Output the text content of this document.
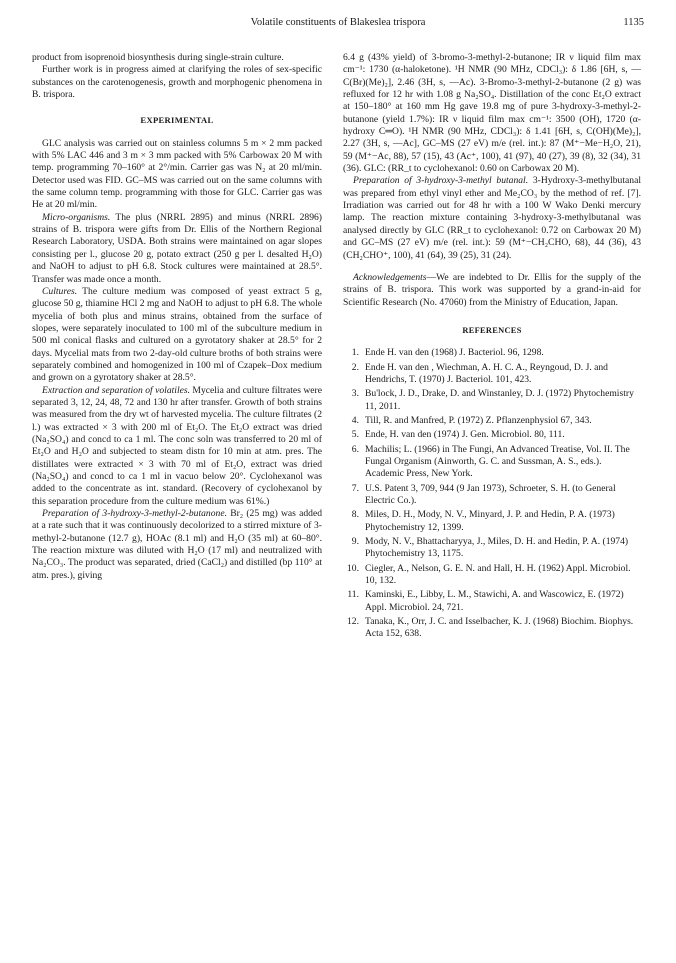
Volatile constituents of Blakeslea trispora	1135

product from isoprenoid biosynthesis during single-strain culture.

Further work is in progress aimed at clarifying the roles of sex-specific substances on the carotenogenesis, growth and morphogenic phenomena in B. trispora.

EXPERIMENTAL

GLC analysis was carried out on stainless columns 5 m × 2 mm packed with 5% LAC 446 and 3 m × 3 mm packed with 5% Carbowax 20 M with temp. programming 70–160° at 2°/min. Carrier gas was N₂ at 20 ml/min. Detector used was FID. GC–MS was carried out on the same columns with the same column temp. programming with those for GLC. Carrier gas was He at 20 ml/min.

Micro-organisms. The plus (NRRL 2895) and minus (NRRL 2896) strains of B. trispora were gifts from Dr. Ellis of the Northern Regional Research Laboratory, USDA. Both strains were maintained on agar slopes consisting per l., glucose 20 g, potato extract (250 g per l. desalted H₂O) and NaOH to adjust to pH 6.8. Stock cultures were maintained at 28.5°. Transfer was made once a month.

Cultures. The culture medium was composed of yeast extract 5 g, glucose 50 g, thiamine HCl 2 mg and NaOH to adjust to pH 6.8. The whole mycelia of both plus and minus strains, obtained from the surface of slopes, were separately inoculated to 100 ml of the subculture medium in 500 ml conical flasks and cultured on a gyrotatory shaker at 28.5° for 2 days. Mycelial mats from two 2-day-old culture broths of both strains were separately combined and homogenized in 100 ml of Czapek–Dox medium and grown on a gyrotatory shaker at 28.5°.

Extraction and separation of volatiles. Mycelia and culture filtrates were separated 3, 12, 24, 48, 72 and 130 hr after transfer. Growth of both strains was measured from the dry wt of harvested mycelia. The culture filtrates (2 l.) was extracted × 3 with 200 ml of Et₂O. The Et₂O extract was dried (Na₂SO₄) and concd to ca 1 ml. The conc soln was transferred to 20 ml of Et₂O and H₂O and subjected to steam distn for 10 min at atm. pres. The distillates were extracted × 3 with 70 ml of Et₂O, extract was dried (Na₂SO₄) and concd to ca 1 ml in vacuo below 20°. Cyclohexanol was added to the concentrate as int. standard. (Recovery of cyclohexanol by this separation procedure from the culture medium was 61%.)

Preparation of 3-hydroxy-3-methyl-2-butanone. Br₂ (25 mg) was added at a rate such that it was continuously decolorized to a stirred mixture of 3-methyl-2-butanone (12.7 g), HOAc (8.1 ml) and H₂O (35 ml) at 60–80°. The reaction mixture was diluted with H₂O (17 ml) and neutralized with Na₂CO₃. The product was separated, dried (CaCl₂) and distilled (bp 110° at atm. pres.), giving

6.4 g (43% yield) of 3-bromo-3-methyl-2-butanone; IR ν liquid film max cm⁻¹: 1730 (α-haloketone). ¹H NMR (90 MHz, CDCl₃): δ 1.86 [6H, s, —C(Br)(Me)₂], 2.46 (3H, s, —Ac). 3-Bromo-3-methyl-2-butanone (2 g) was refluxed for 12 hr with 1.08 g Na₂SO₄. Distillation of the conc Et₂O extract at 150–180° at 160 mm Hg gave 19.8 mg of pure 3-hydroxy-3-methyl-2-butanone (yield 1.7%): IR ν liquid film max cm⁻¹: 3500 (OH), 1720 (α-hydroxy C═O). ¹H NMR (90 MHz, CDCl₃): δ 1.41 [6H, s, C(OH)(Me)₂], 2.27 (3H, s, —Ac], GC–MS (27 eV) m/e (rel. int.): 87 (M⁺−Me−H₂O, 21), 59 (M⁺−Ac, 88), 57 (15), 43 (Ac⁺, 100), 41 (97), 40 (27), 39 (8), 32 (34), 31 (36). GLC: (RR_t to cyclohexanol: 0.60 on Carbowax 20 M).

Preparation of 3-hydroxy-3-methyl butanal. 3-Hydroxy-3-methylbutanal was prepared from ethyl vinyl ether and Me₂CO₃ by the method of ref. [7]. Irradiation was carried out for 48 hr with a 100 W Wako Denki mercury lamp. The reaction mixture containing 3-hydroxy-3-methylbutanal was analysed directly by GLC (RR_t to cyclohexanol: 0.72 on Carbowax 20 M) and GC–MS (27 eV) m/e (rel. int.): 59 (M⁺−CH₂CHO, 68), 44 (36), 43 (CH₂CHO⁺, 100), 41 (64), 39 (25), 31 (24).

Acknowledgements—We are indebted to Dr. Ellis for the supply of the strains of B. trispora. This work was supported by a grand-in-aid for Scientific Research (No. 47060) from the Ministry of Education, Japan.

REFERENCES
1. Ende H. van den (1968) J. Bacteriol. 96, 1298.
2. Ende H. van den , Wiechman, A. H. C. A., Reyngoud, D. J. and Hendrichs, T. (1970) J. Bacteriol. 101, 423.
3. Bu'lock, J. D., Drake, D. and Winstanley, D. J. (1972) Phytochemistry 11, 2011.
4. Till, R. and Manfred, P. (1972) Z. Pflanzenphysiol 67, 343.
5. Ende, H. van den (1974) J. Gen. Microbiol. 80, 111.
6. Machilis; L. (1966) in The Fungi, An Advanced Treatise, Vol. II. The Fungal Organism (Ainworth, G. C. and Sussman, A. S., eds.). Academic Press, New York.
7. U.S. Patent 3, 709, 944 (9 Jan 1973), Schroeter, S. H. (to General Electric Co.).
8. Miles, D. H., Mody, N. V., Minyard, J. P. and Hedin, P. A. (1973) Phytochemistry 12, 1399.
9. Mody, N. V., Bhattacharyya, J., Miles, D. H. and Hedin, P. A. (1974) Phytochemistry 13, 1175.
10. Ciegler, A., Nelson, G. E. N. and Hall, H. H. (1962) Appl. Microbiol. 10, 132.
11. Kaminski, E., Libby, L. M., Stawichi, A. and Wascowicz, E. (1972) Appl. Microbiol. 24, 721.
12. Tanaka, K., Orr, J. C. and Isselbacher, K. J. (1968) Biochim. Biophys. Acta 152, 638.
